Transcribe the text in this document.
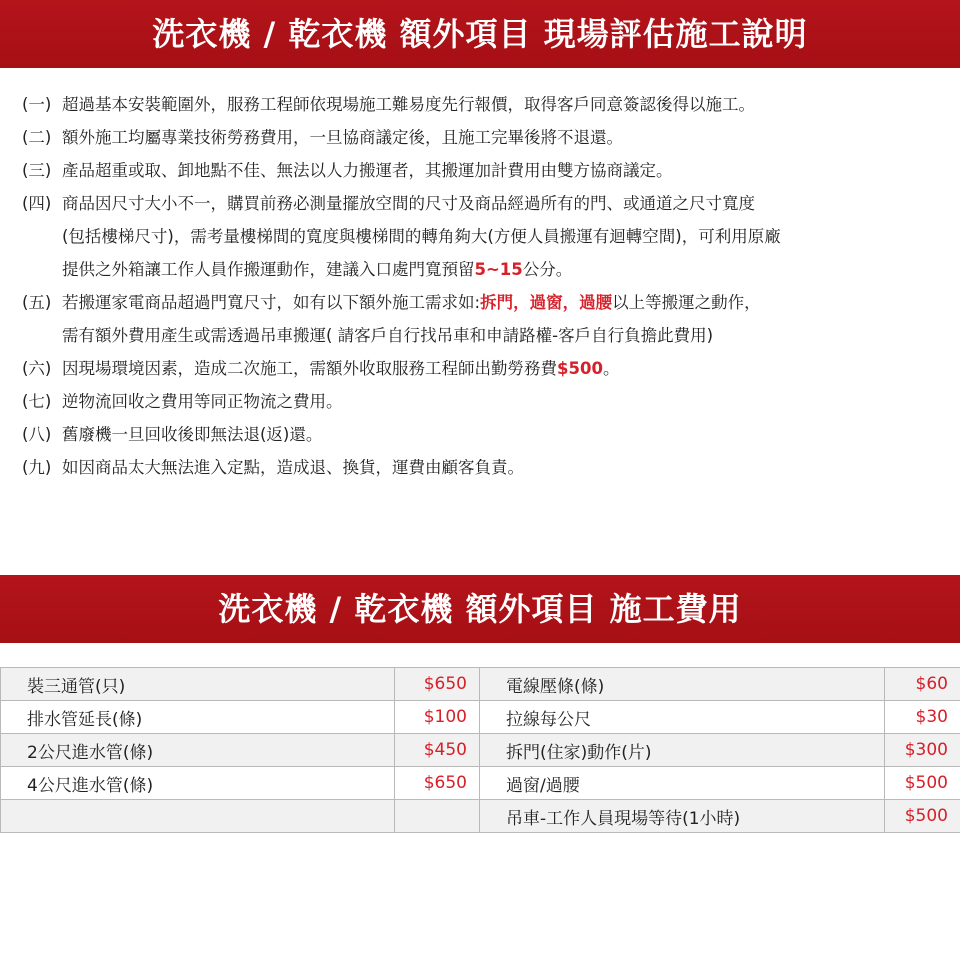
洗衣機 / 乾衣機 額外項目 現場評估施工說明
(一) 超過基本安裝範圍外，服務工程師依現場施工難易度先行報價，取得客戶同意簽認後得以施工。
(二) 額外施工均屬專業技術勞務費用，一旦協商議定後，且施工完畢後將不退還。
(三) 產品超重或取、卸地點不佳、無法以人力搬運者，其搬運加計費用由雙方協商議定。
(四) 商品因尺寸大小不一，購買前務必測量擺放空間的尺寸及商品經過所有的門、或通道之尺寸寬度
(包括樓梯尺寸)，需考量樓梯間的寬度與樓梯間的轉角夠大(方便人員搬運有迴轉空間)，可利用原廠
提供之外箱讓工作人員作搬運動作，建議入口處門寬預留5~15公分。
(五) 若搬運家電商品超過門寬尺寸，如有以下額外施工需求如:拆門，過窗，過腰以上等搬運之動作，
需有額外費用產生或需透過吊車搬運( 請客戶自行找吊車和申請路權-客戶自行負擔此費用)
(六) 因現場環境因素，造成二次施工，需額外收取服務工程師出勤勞務費$500。
(七) 逆物流回收之費用等同正物流之費用。
(八) 舊廢機一旦回收後即無法退(返)還。
(九) 如因商品太大無法進入定點，造成退、換貨，運費由顧客負責。
洗衣機 / 乾衣機 額外項目 施工費用
裝三通管(只)	$650	電線壓條(條)	$60
排水管延長(條)	$100	拉線每公尺	$30
2公尺進水管(條)	$450	拆門(住家)動作(片)	$300
4公尺進水管(條)	$650	過窗/過腰	$500
		吊車-工作人員現場等待(1小時)	$500
